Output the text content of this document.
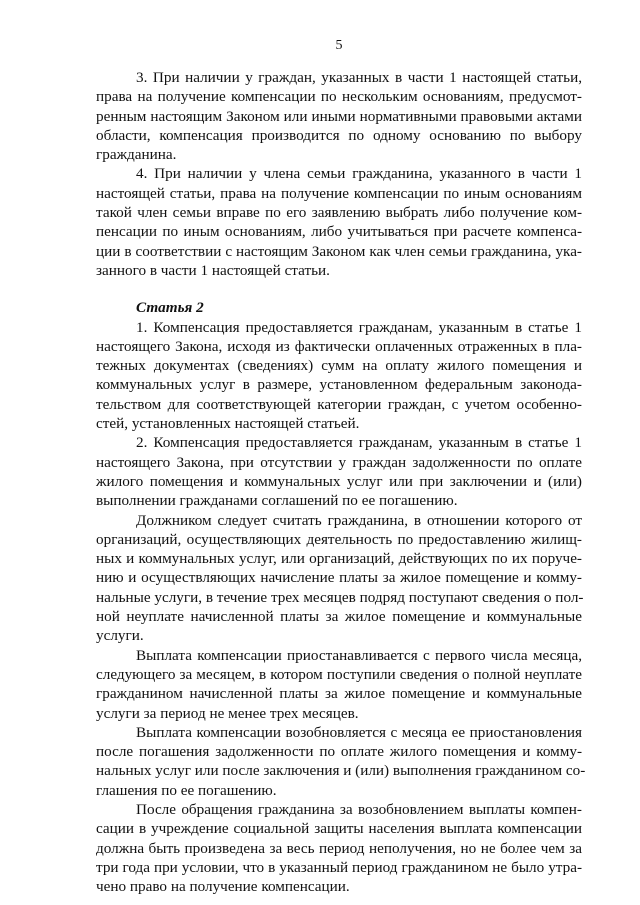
5

3. При наличии у граждан, указанных в части 1 настоящей статьи,
права на получение компенсации по нескольким основаниям, предусмот-
ренным настоящим Законом или иными нормативными правовыми актами
области, компенсация производится по одному основанию по выбору
гражданина.

4. При наличии у члена семьи гражданина, указанного в части 1
настоящей статьи, права на получение компенсации по иным основаниям
такой член семьи вправе по его заявлению выбрать либо получение ком-
пенсации по иным основаниям, либо учитываться при расчете компенса-
ции в соответствии с настоящим Законом как член семьи гражданина, ука-
занного в части 1 настоящей статьи.

Статья 2

1. Компенсация предоставляется гражданам, указанным в статье 1
настоящего Закона, исходя из фактически оплаченных отраженных в пла-
тежных документах (сведениях) сумм на оплату жилого помещения и
коммунальных услуг в размере, установленном федеральным законода-
тельством для соответствующей категории граждан, с учетом особенно-
стей, установленных настоящей статьей.

2. Компенсация предоставляется гражданам, указанным в статье 1
настоящего Закона, при отсутствии у граждан задолженности по оплате
жилого помещения и коммунальных услуг или при заключении и (или)
выполнении гражданами соглашений по ее погашению.

Должником следует считать гражданина, в отношении которого от
организаций, осуществляющих деятельность по предоставлению жилищ-
ных и коммунальных услуг, или организаций, действующих по их поруче-
нию и осуществляющих начисление платы за жилое помещение и комму-
нальные услуги, в течение трех месяцев подряд поступают сведения о пол-
ной неуплате начисленной платы за жилое помещение и коммунальные
услуги.

Выплата компенсации приостанавливается с первого числа месяца,
следующего за месяцем, в котором поступили сведения о полной неуплате
гражданином начисленной платы за жилое помещение и коммунальные
услуги за период не менее трех месяцев.

Выплата компенсации возобновляется с месяца ее приостановления
после погашения задолженности по оплате жилого помещения и комму-
нальных услуг или после заключения и (или) выполнения гражданином со-
глашения по ее погашению.

После обращения гражданина за возобновлением выплаты компен-
сации в учреждение социальной защиты населения выплата компенсации
должна быть произведена за весь период неполучения, но не более чем за
три года при условии, что в указанный период гражданином не было утра-
чено право на получение компенсации.
